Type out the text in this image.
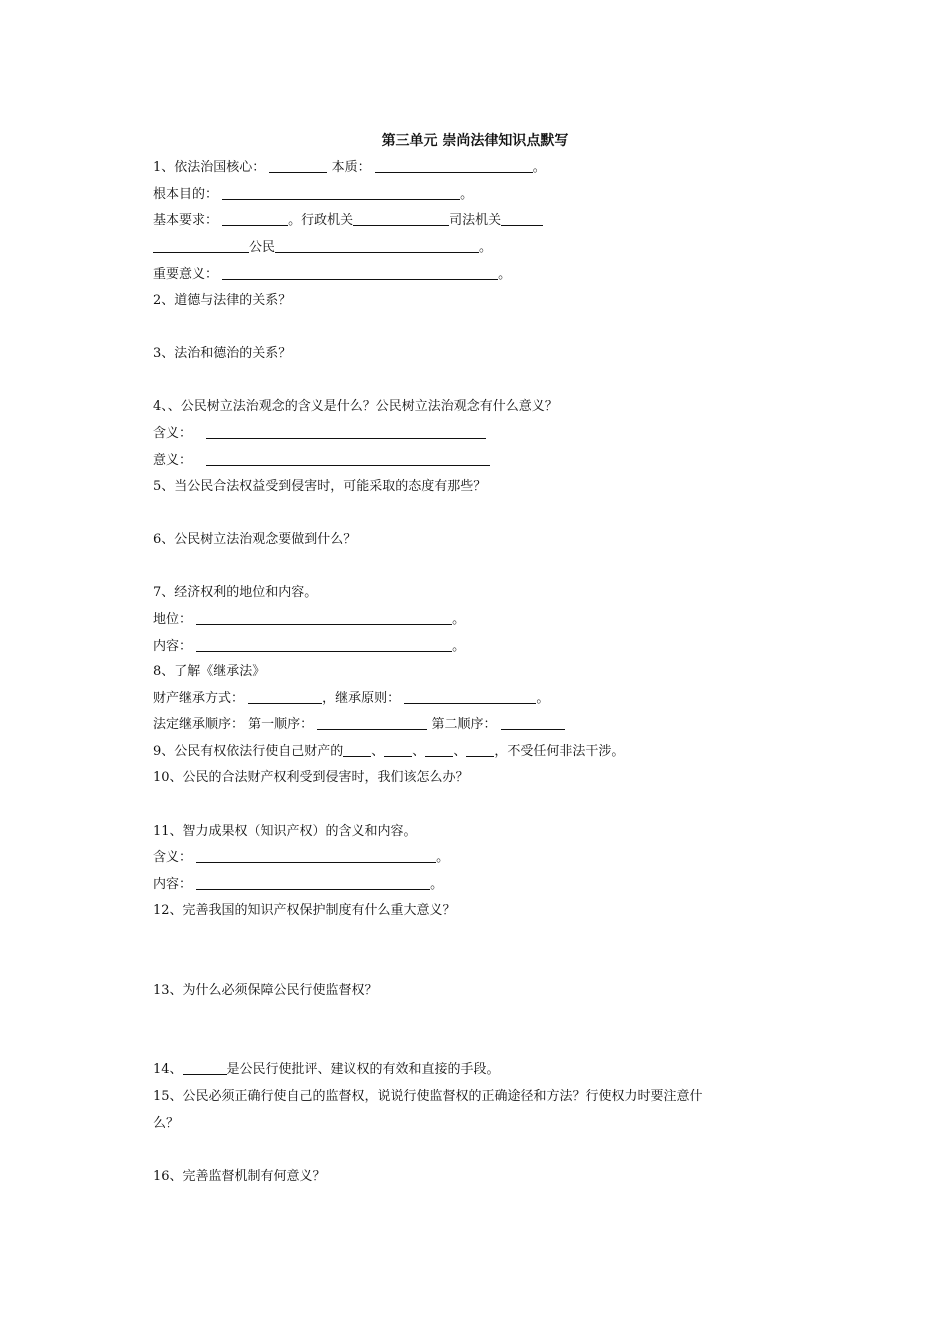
第三单元 崇尚法律知识点默写
1、依法治国核心：	本质：	。
根本目的：	。
基本要求：	。行政机关	司法机关
公民	。
重要意义：	。
2、道德与法律的关系？
3、法治和德治的关系？
4、、公民树立法治观念的含义是什么？公民树立法治观念有什么意义？
含义：
意义：
5、当公民合法权益受到侵害时，可能采取的态度有那些？
6、公民树立法治观念要做到什么？
7、经济权利的地位和内容。
地位：	。
内容：	。
8、了解《继承法》
财产继承方式：	，继承原则：	。
法定继承顺序： 第一顺序：	第二顺序：
9、公民有权依法行使自己财产的 、 、 、 ，不受任何非法干涉。
10、公民的合法财产权利受到侵害时，我们该怎么办？
11、智力成果权（知识产权）的含义和内容。
含义：	。
内容：	。
12、完善我国的知识产权保护制度有什么重大意义？
13、为什么必须保障公民行使监督权？
14、	是公民行使批评、建议权的有效和直接的手段。
15、公民必须正确行使自己的监督权，说说行使监督权的正确途径和方法？行使权力时要注意什
么？
16、完善监督机制有何意义？
